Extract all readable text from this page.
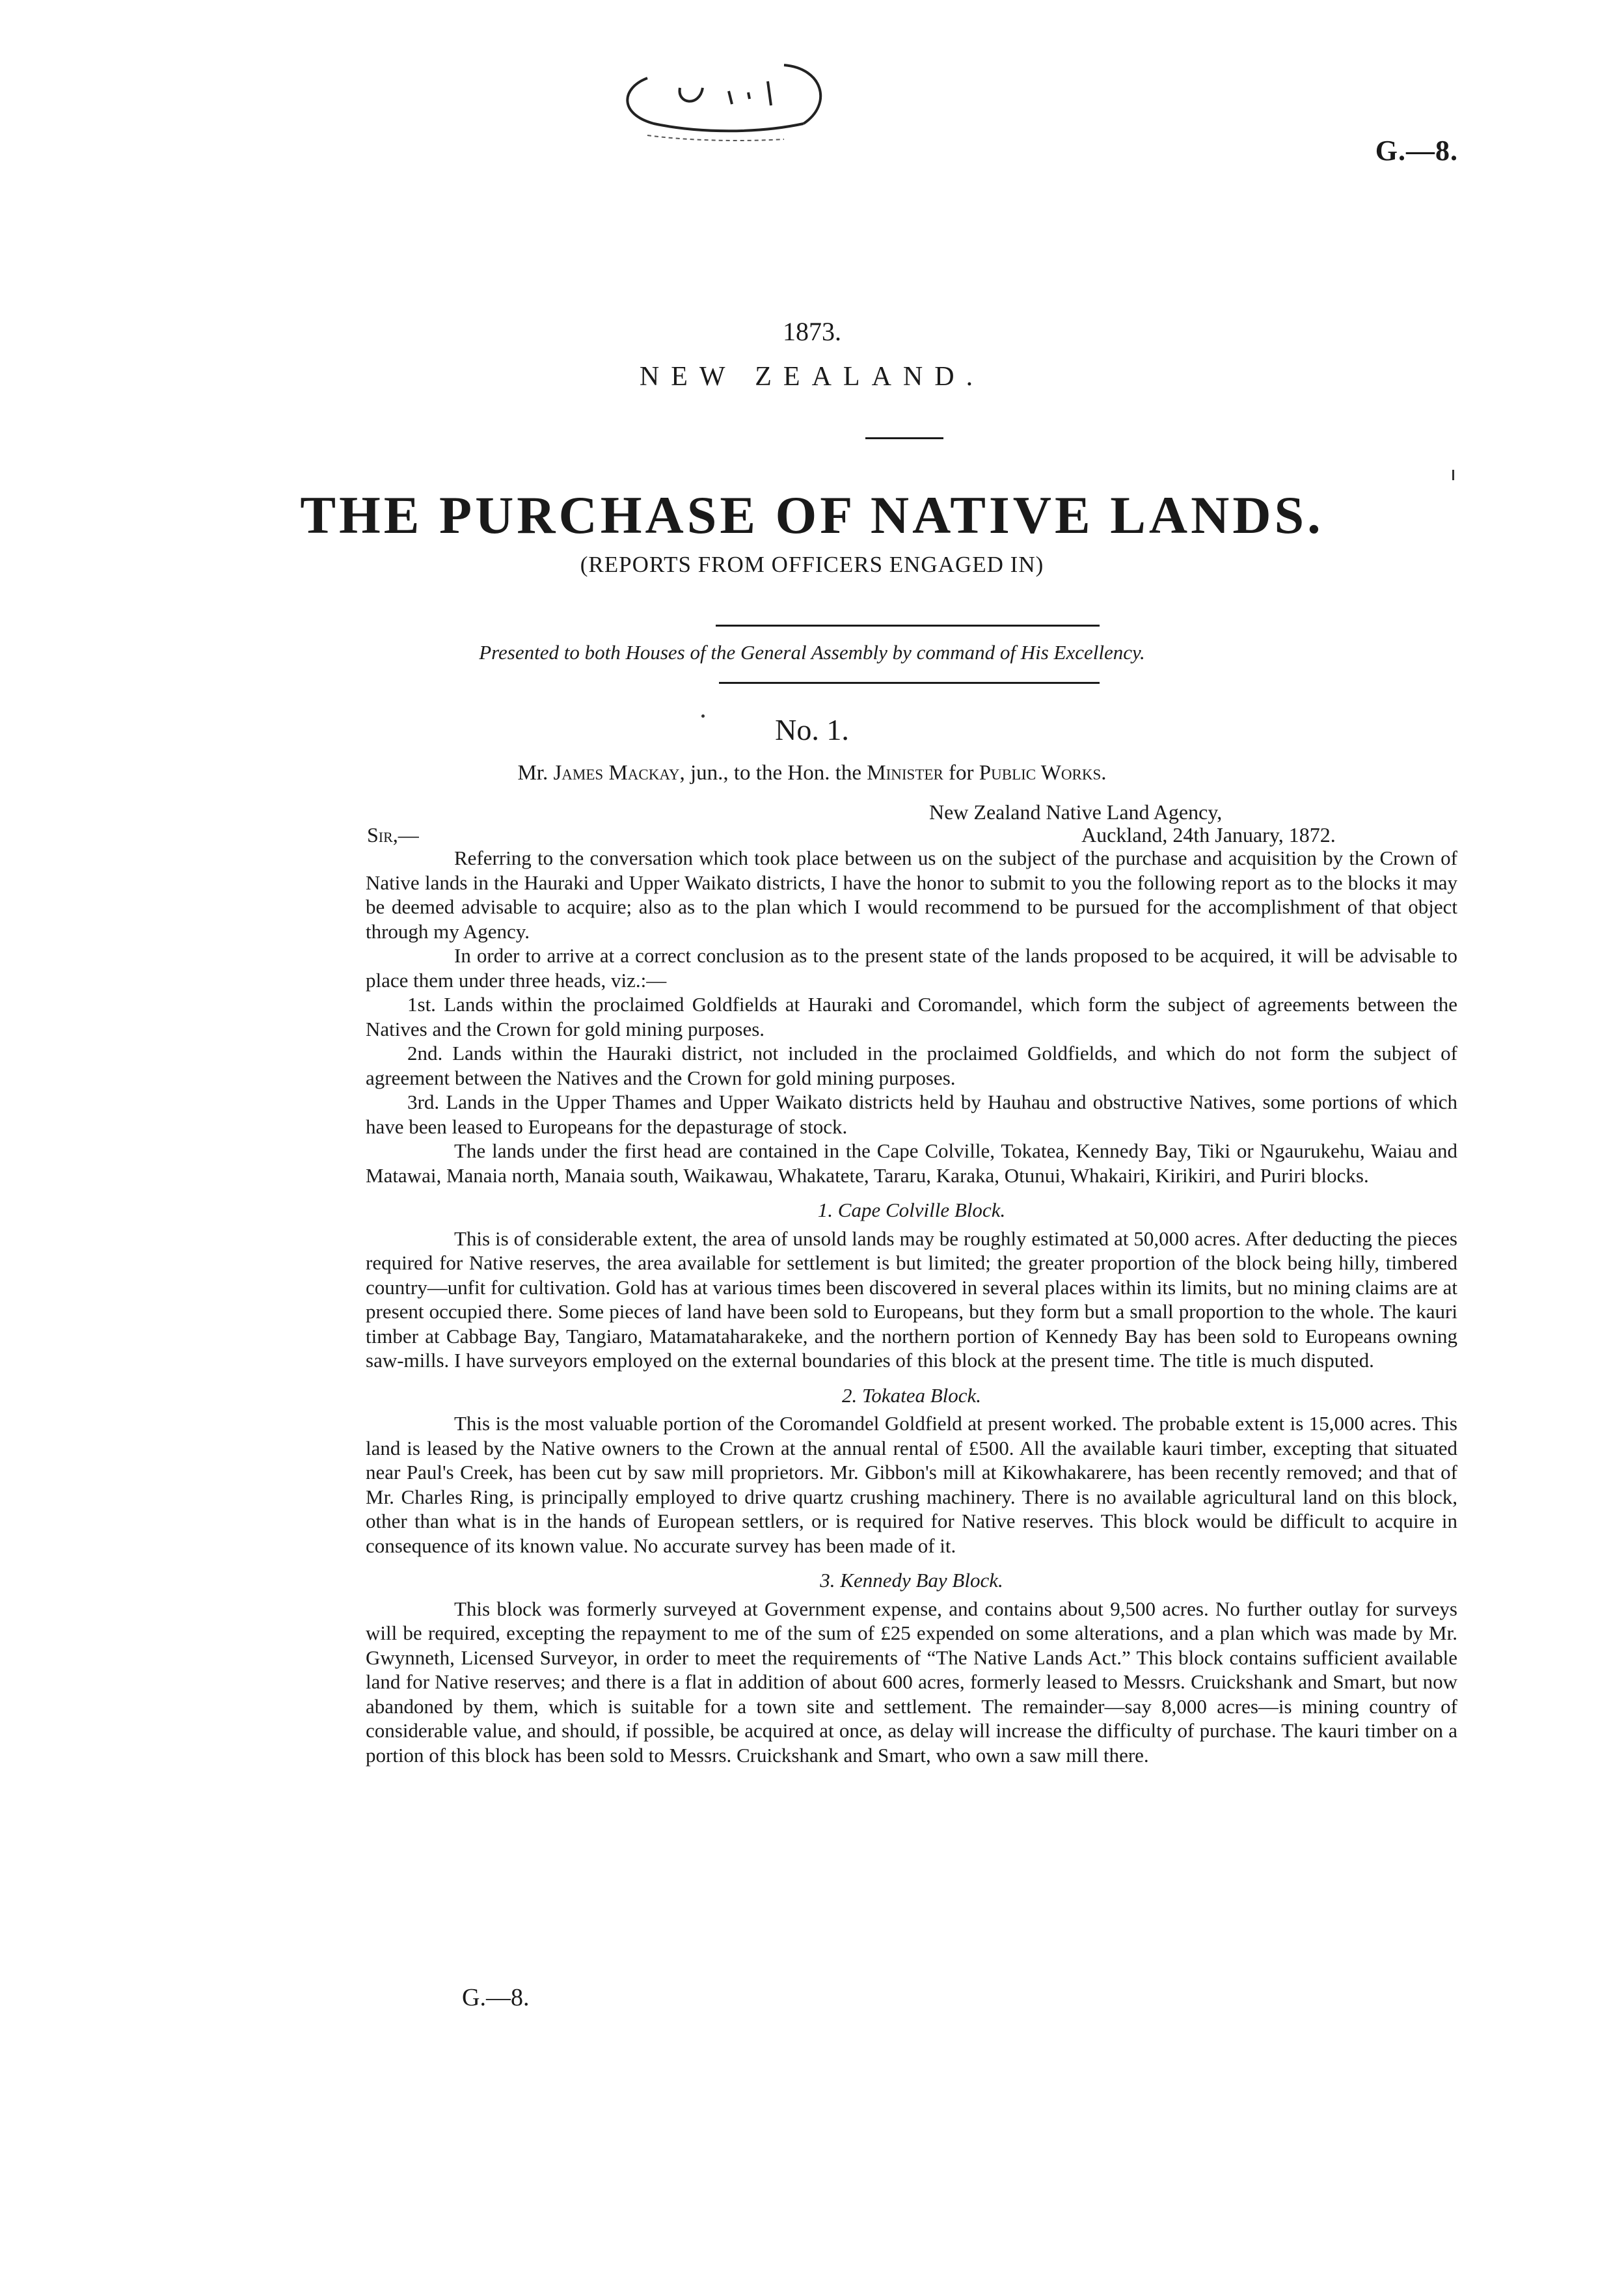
G.—8.
1873.
NEW ZEALAND.
THE PURCHASE OF NATIVE LANDS.
(REPORTS FROM OFFICERS ENGAGED IN)
Presented to both Houses of the General Assembly by command of His Excellency.
No. 1.
Mr. James Mackay, jun., to the Hon. the Minister for Public Works.
New Zealand Native Land Agency,
Sir,—	Auckland, 24th January, 1872.

Referring to the conversation which took place between us on the subject of the purchase and acquisition by the Crown of Native lands in the Hauraki and Upper Waikato districts, I have the honor to submit to you the following report as to the blocks it may be deemed advisable to acquire; also as to the plan which I would recommend to be pursued for the accomplishment of that object through my Agency.

In order to arrive at a correct conclusion as to the present state of the lands proposed to be acquired, it will be advisable to place them under three heads, viz.:—

1st. Lands within the proclaimed Goldfields at Hauraki and Coromandel, which form the subject of agreements between the Natives and the Crown for gold mining purposes.

2nd. Lands within the Hauraki district, not included in the proclaimed Goldfields, and which do not form the subject of agreement between the Natives and the Crown for gold mining purposes.

3rd. Lands in the Upper Thames and Upper Waikato districts held by Hauhau and obstructive Natives, some portions of which have been leased to Europeans for the depasturage of stock.

The lands under the first head are contained in the Cape Colville, Tokatea, Kennedy Bay, Tiki or Ngaurukehu, Waiau and Matawai, Manaia north, Manaia south, Waikawau, Whakatete, Tararu, Karaka, Otunui, Whakairi, Kirikiri, and Puriri blocks.

1. Cape Colville Block.

This is of considerable extent, the area of unsold lands may be roughly estimated at 50,000 acres. After deducting the pieces required for Native reserves, the area available for settlement is but limited; the greater proportion of the block being hilly, timbered country—unfit for cultivation. Gold has at various times been discovered in several places within its limits, but no mining claims are at present occupied there. Some pieces of land have been sold to Europeans, but they form but a small proportion to the whole. The kauri timber at Cabbage Bay, Tangiaro, Matamataharakeke, and the northern portion of Kennedy Bay has been sold to Europeans owning saw-mills. I have surveyors employed on the external boundaries of this block at the present time. The title is much disputed.

2. Tokatea Block.

This is the most valuable portion of the Coromandel Goldfield at present worked. The probable extent is 15,000 acres. This land is leased by the Native owners to the Crown at the annual rental of £500. All the available kauri timber, excepting that situated near Paul's Creek, has been cut by saw mill proprietors. Mr. Gibbon's mill at Kikowhakarere, has been recently removed; and that of Mr. Charles Ring, is principally employed to drive quartz crushing machinery. There is no available agricultural land on this block, other than what is in the hands of European settlers, or is required for Native reserves. This block would be difficult to acquire in consequence of its known value. No accurate survey has been made of it.

3. Kennedy Bay Block.

This block was formerly surveyed at Government expense, and contains about 9,500 acres. No further outlay for surveys will be required, excepting the repayment to me of the sum of £25 expended on some alterations, and a plan which was made by Mr. Gwynneth, Licensed Surveyor, in order to meet the requirements of “The Native Lands Act.” This block contains sufficient available land for Native reserves; and there is a flat in addition of about 600 acres, formerly leased to Messrs. Cruickshank and Smart, but now abandoned by them, which is suitable for a town site and settlement. The remainder—say 8,000 acres—is mining country of considerable value, and should, if possible, be acquired at once, as delay will increase the difficulty of purchase. The kauri timber on a portion of this block has been sold to Messrs. Cruickshank and Smart, who own a saw mill there.

G.—8.
